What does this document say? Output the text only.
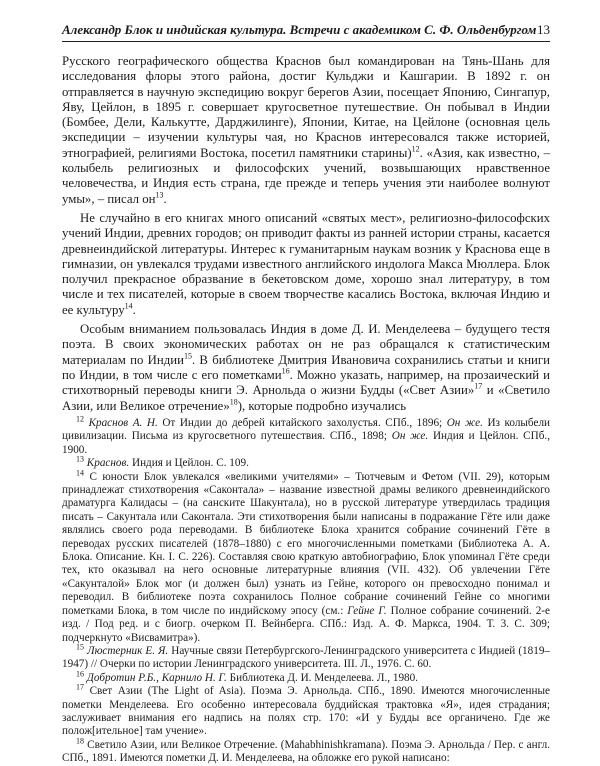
Александр Блок и индийская культура. Встречи с академиком С. Ф. Ольденбургом 13

Русского географического общества Краснов был командирован на Тянь-Шань для исследования флоры этого района, достиг Кульджи и Кашгарии. В 1892 г. он отправляется в научную экспедицию вокруг берегов Азии, посещает Японию, Сингапур, Яву, Цейлон, в 1895 г. совершает кругосветное путешествие. Он побывал в Индии (Бомбее, Дели, Калькутте, Дарджилинге), Японии, Китае, на Цейлоне (основная цель экспедиции – изучении культуры чая, но Краснов интересовался также историей, этнографией, религиями Востока, посетил памятники старины)$^{12}$. «Азия, как известно, – колыбель религиозных и философских учений, возвышающих нравственное человечества, и Индия есть страна, где прежде и теперь учения эти наиболее волнуют умы», – писал $он^{13}$.

Не случайно в его книгах много описаний «святых мест», религиозно-философских учений Индии, древних городов; он приводит факты из ранней истории страны, касается древнеиндийской литературы. Интерес к гуманитарным наукам возник у Краснова еще в гимназии, он увлекался трудами известного английского индолога Макса Мюллера. Блок получил прекрасное образвание в бекетовском доме, хорошо знал литературу, в том числе и тех писателей, которые в своем творчестве касались Востока, включая Индию и ее культуру$^{14}$.

Особым вниманием пользовалась Индия в доме Д. И. Менделеева – будущего тестя поэта. В своих экономических работах он не раз обращался к статистическим материалам по Индии$^{15}$. В библиотеке Дмитрия Ивановича сохранились статьи и книги по Индии, в том числе с его пометками$^{16}$. Можно указать, например, на прозаический и стихотворный переводы книги Э. Арнольда о жизни Будды («Свет Азии»$^{17}$ и «Светило Азии, или Великое отречение»$^{18}$), которые подробно изучались

$^{12}$ Краснов А. Н. От Индии до дебрей китайского захолустья. СПб., 1896; Он же. Из колыбели цивилизации. Письма из кругосветного путешествия. СПб., 1898; Он же. Индия и Цейлон. СПб., 1900.

$^{13}$ Краснов. Индия и Цейлон. С. 109.

$^{14}$ С юности Блок увлекался «великими учителями» – Тютчевым и Фетом (VII. 29), которым принадлежат стихотворения «Саконтала» – название известной драмы великого древнеиндийского драматурга Калидасы – (на санските Шакунтала), но в русской литературе утвердилась традиция писать – Сакунтала или Саконтала. Эти стихотворения были написаны в подражание Гёте или даже являлись своего рода переводами. В библиотеке Блока хранится собрание сочинений Гёте в переводах русских писателей (1878–1880) с его многочисленными пометками (Библиотека А. А. Блока. Описание. Кн. I. С. 226). Составляя свою краткую автобиографию, Блок упоминал Гёте среди тех, кто оказывал на него основные литературные влияния (VII. 432). Об увлечении Гёте «Сакунталой» Блок мог (и должен был) узнать из Гейне, которого он превосходно понимал и переводил. В библиотеке поэта сохранилось Полное собрание сочинений Гейне со многими пометками Блока, в том числе по индийскому эпосу (см.: Гейне Г. Полное собрание сочинений. 2-е изд. / Под ред. и с биогр. очерком П. Вейнберга. СПб.: Изд. А. Ф. Маркса, 1904. Т. 3. С. 309; подчеркнуто «Висвамитра»).

$^{15}$ Люстерник Е. Я. Научные связи Петербургского-Ленинградского университета с Индией (1819–1947) // Очерки по истории Ленинградского университета. III. Л., 1976. С. 60.

$^{16}$ Добротин Р.Б., Карнило Н. Г. Библиотека Д. И. Менделеева. Л., 1980.

$^{17}$ Свет Азии (The Light of Asia). Поэма Э. Арнольда. СПб., 1890. Имеются многочисленные пометки Менделеева. Его особенно интересовала буддийская трактовка «Я», идея страдания; заслуживает внимания его надпись на полях стр. 170: «И у Будды все органичено. Где же полож[ительное] там учение».

$^{18}$ Светило Азии, или Великое Отречение. (Mahabhinishkramana). Поэма Э. Арнольда / Пер. с англ. СПб., 1891. Имеются пометки Д. И. Менделеева, на обложке его рукой написано:
